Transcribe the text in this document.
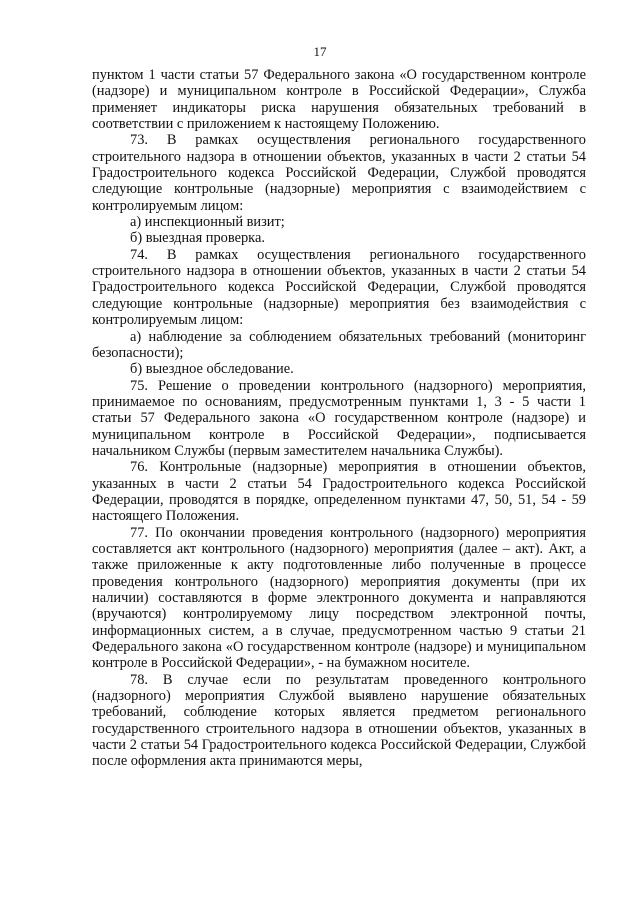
17

пунктом 1 части статьи 57 Федерального закона «О государственном контроле (надзоре) и муниципальном контроле в Российской Федерации», Служба применяет индикаторы риска нарушения обязательных требований в соответствии с приложением к настоящему Положению.

73. В рамках осуществления регионального государственного строительного надзора в отношении объектов, указанных в части 2 статьи 54 Градостроительного кодекса Российской Федерации, Службой проводятся следующие контрольные (надзорные) мероприятия с взаимодействием с контролируемым лицом:

а) инспекционный визит;

б) выездная проверка.

74. В рамках осуществления регионального государственного строительного надзора в отношении объектов, указанных в части 2 статьи 54 Градостроительного кодекса Российской Федерации, Службой проводятся следующие контрольные (надзорные) мероприятия без взаимодействия с контролируемым лицом:

а) наблюдение за соблюдением обязательных требований (мониторинг безопасности);

б) выездное обследование.

75. Решение о проведении контрольного (надзорного) мероприятия, принимаемое по основаниям, предусмотренным пунктами 1, 3 - 5 части 1 статьи 57 Федерального закона «О государственном контроле (надзоре) и муниципальном контроле в Российской Федерации», подписывается начальником Службы (первым заместителем начальника Службы).

76. Контрольные (надзорные) мероприятия в отношении объектов, указанных в части 2 статьи 54 Градостроительного кодекса Российской Федерации, проводятся в порядке, определенном пунктами 47, 50, 51, 54 - 59 настоящего Положения.

77. По окончании проведения контрольного (надзорного) мероприятия составляется акт контрольного (надзорного) мероприятия (далее – акт). Акт, а также приложенные к акту подготовленные либо полученные в процессе проведения контрольного (надзорного) мероприятия документы (при их наличии) составляются в форме электронного документа и направляются (вручаются) контролируемому лицу посредством электронной почты, информационных систем, а в случае, предусмотренном частью 9 статьи 21 Федерального закона «О государственном контроле (надзоре) и муниципальном контроле в Российской Федерации», - на бумажном носителе.

78. В случае если по результатам проведенного контрольного (надзорного) мероприятия Службой выявлено нарушение обязательных требований, соблюдение которых является предметом регионального государственного строительного надзора в отношении объектов, указанных в части 2 статьи 54 Градостроительного кодекса Российской Федерации, Службой после оформления акта принимаются меры,
